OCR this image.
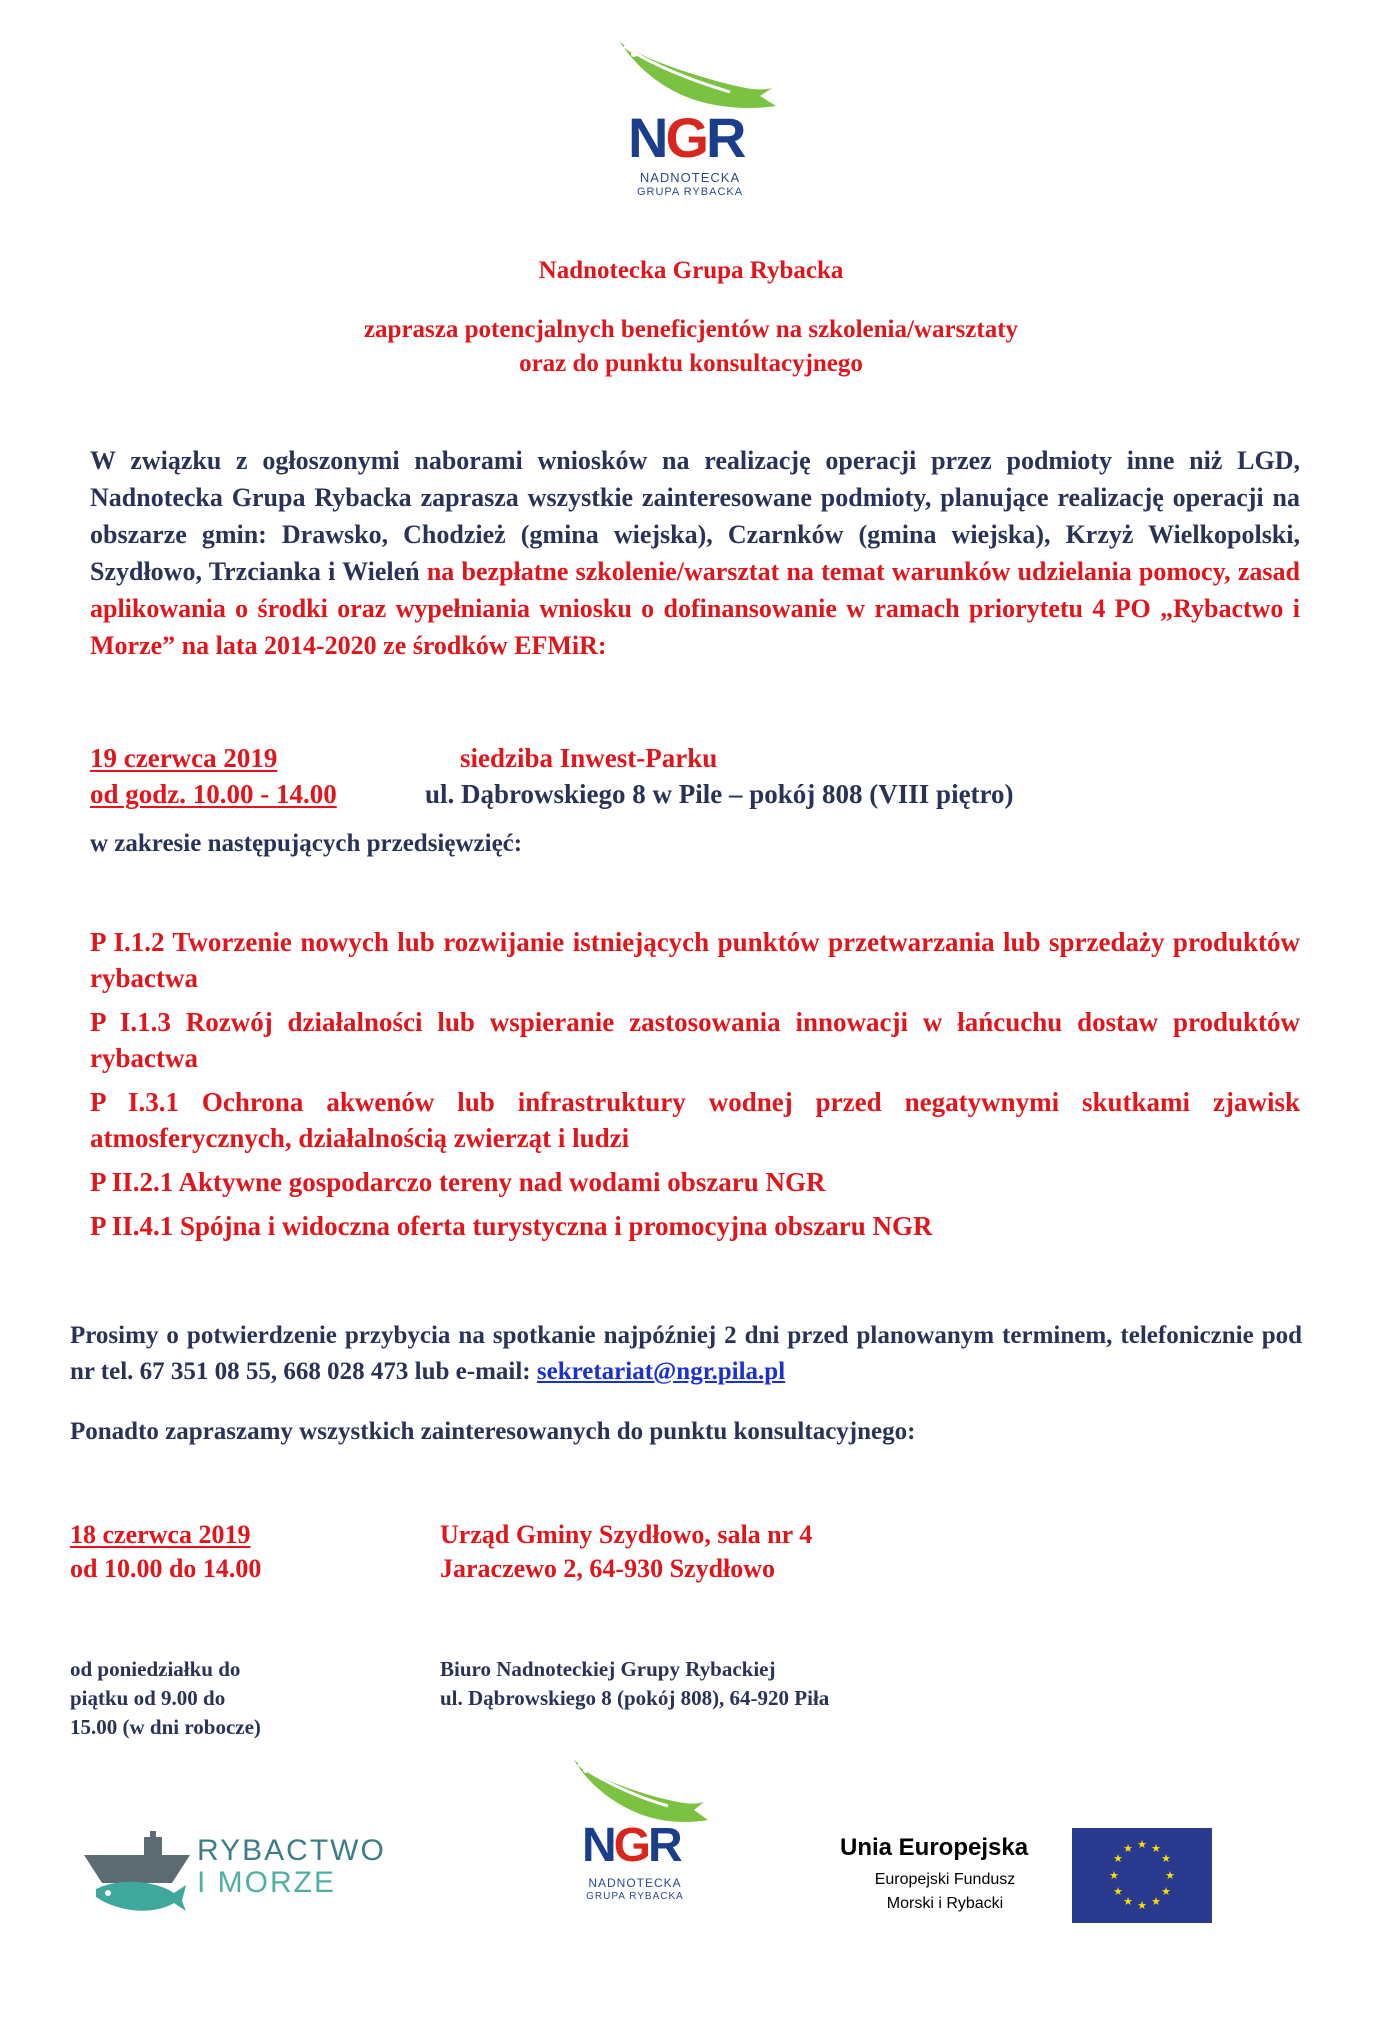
NGR
NADNOTECKA
GRUPA RYBACKA
Nadnotecka Grupa Rybacka
zaprasza potencjalnych beneficjentów na szkolenia/warsztaty
oraz do punktu konsultacyjnego
W związku z ogłoszonymi naborami wniosków na realizację operacji przez podmioty inne niż LGD, Nadnotecka Grupa Rybacka zaprasza wszystkie zainteresowane podmioty, planujące realizację operacji na obszarze gmin: Drawsko, Chodzież (gmina wiejska), Czarnków (gmina wiejska), Krzyż Wielkopolski, Szydłowo, Trzcianka i Wieleń na bezpłatne szkolenie/warsztat na temat warunków udzielania pomocy, zasad aplikowania o środki oraz wypełniania wniosku o dofinansowanie w ramach priorytetu 4 PO „Rybactwo i Morze” na lata 2014-2020 ze środków EFMiR:
19 czerwca 2019
od godz. 10.00 - 14.00
siedziba Inwest-Parku
ul. Dąbrowskiego 8 w Pile – pokój 808 (VIII piętro)
w zakresie następujących przedsięwzięć:

P I.1.2 Tworzenie nowych lub rozwijanie istniejących punktów przetwarzania lub sprzedaży produktów rybactwa

P I.1.3 Rozwój działalności lub wspieranie zastosowania innowacji w łańcuchu dostaw produktów rybactwa

P I.3.1 Ochrona akwenów lub infrastruktury wodnej przed negatywnymi skutkami zjawisk atmosferycznych, działalnością zwierząt i ludzi

P II.2.1 Aktywne gospodarczo tereny nad wodami obszaru NGR

P II.4.1 Spójna i widoczna oferta turystyczna i promocyjna obszaru NGR

Prosimy o potwierdzenie przybycia na spotkanie najpóźniej 2 dni przed planowanym terminem, telefonicznie pod nr tel. 67 351 08 55, 668 028 473 lub e-mail: sekretariat@ngr.pila.pl
Ponadto zapraszamy wszystkich zainteresowanych do punktu konsultacyjnego:
18 czerwca 2019
od 10.00 do 14.00
Urząd Gminy Szydłowo, sala nr 4
Jaraczewo 2, 64-930 Szydłowo
od poniedziałku do
piątku od 9.00 do
15.00 (w dni robocze)
Biuro Nadnoteckiej Grupy Rybackiej
ul. Dąbrowskiego 8 (pokój 808), 64-920 Piła
RYBACTWO
I MORZE
NGR
NADNOTECKA
GRUPA RYBACKA
Unia Europejska
Europejski Fundusz
Morski i Rybacki
★ ★
★
★
★
★
★
★
★
★
★
★
